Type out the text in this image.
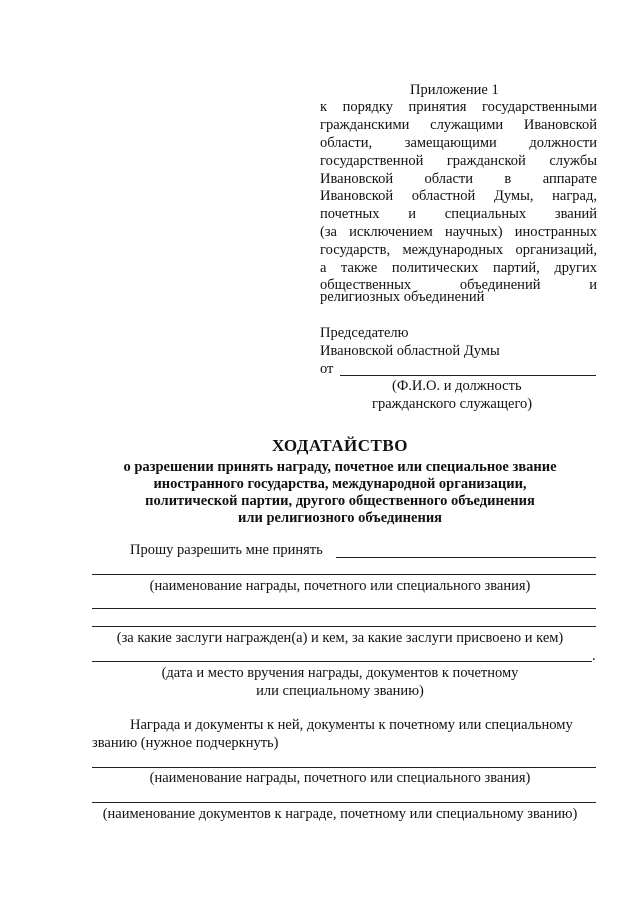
Приложение 1
к порядку принятия государственными
гражданскими служащими Ивановской
области, замещающими должности
государственной гражданской службы
Ивановской области в аппарате
Ивановской областной Думы, наград,
почетных и специальных званий
(за исключением научных) иностранных
государств, международных организаций,
а также политических партий, других
общественных объединений и
религиозных объединений
Председателю
Ивановской областной Думы
от
(Ф.И.О. и должность
гражданского служащего)
ХОДАТАЙСТВО
о разрешении принять награду, почетное или специальное звание
иностранного государства, международной организации,
политической партии, другого общественного объединения
или религиозного объединения
Прошу разрешить мне принять
(наименование награды, почетного или специального звания)
(за какие заслуги награжден(а) и кем, за какие заслуги присвоено и кем)
.
(дата и место вручения награды, документов к почетному
или специальному званию)
Награда и документы к ней, документы к почетному или специальному
званию (нужное подчеркнуть)
(наименование награды, почетного или специального звания)
(наименование документов к награде, почетному или специальному званию)
